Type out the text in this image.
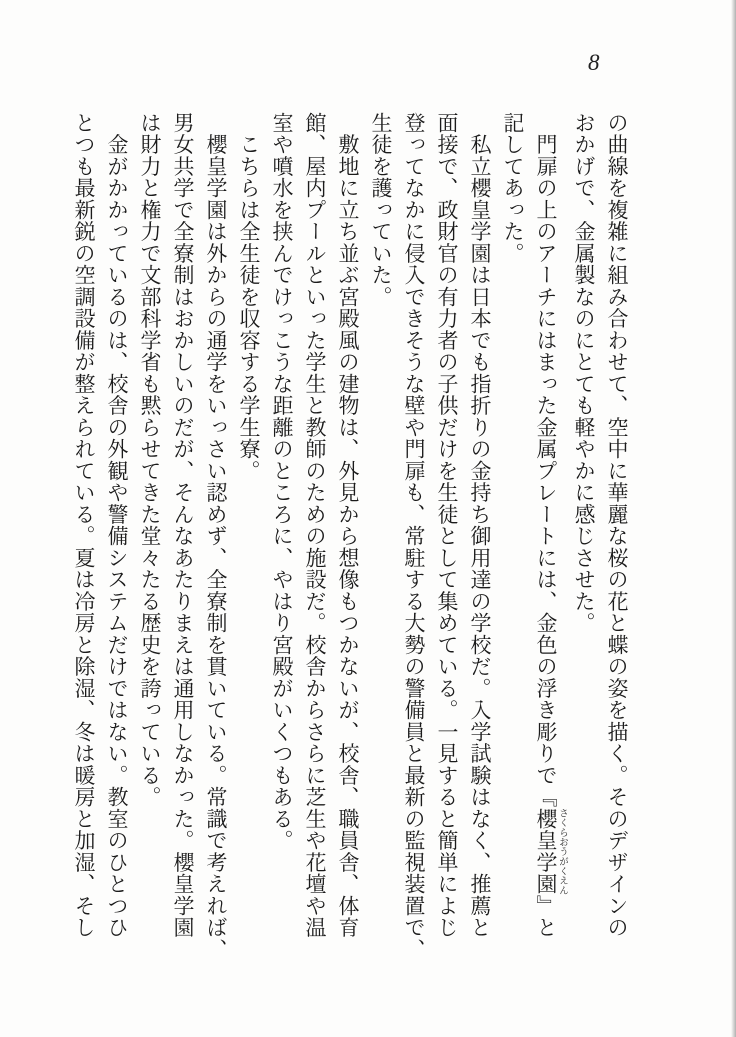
8
の曲線を複雑に組み合わせて、空中に華麗な桜の花と蝶の姿を描く。そのデザインの
おかげで、金属製なのにとても軽やかに感じさせた。
　門扉の上のアーチにはまった金属プレートには、金色の浮き彫りで『櫻皇学園 さくらおうがくえん』と
記してあった。
　私立櫻皇学園は日本でも指折りの金持ち御用達の学校だ。入学試験はなく、推薦と
面接で、政財官の有力者の子供だけを生徒として集めている。一見すると簡単によじ
登ってなかに侵入できそうな壁や門扉も、常駐する大勢の警備員と最新の監視装置で、
生徒を護っていた。
　敷地に立ち並ぶ宮殿風の建物は、外見から想像もつかないが、校舎、職員舎、体育
館、屋内プールといった学生と教師のための施設だ。校舎からさらに芝生や花壇や温
室や噴水を挟んでけっこうな距離のところに、やはり宮殿がいくつもある。
　こちらは全生徒を収容する学生寮。
　櫻皇学園は外からの通学をいっさい認めず、全寮制を貫いている。常識で考えれば、
男女共学で全寮制はおかしいのだが、そんなあたりまえは通用しなかった。櫻皇学園
は財力と権力で文部科学省も黙らせてきた堂々たる歴史を誇っている。
　金がかかっているのは、校舎の外観や警備システムだけではない。教室のひとつひ
とつも最新鋭の空調設備が整えられている。夏は冷房と除湿、冬は暖房と加湿、そし
